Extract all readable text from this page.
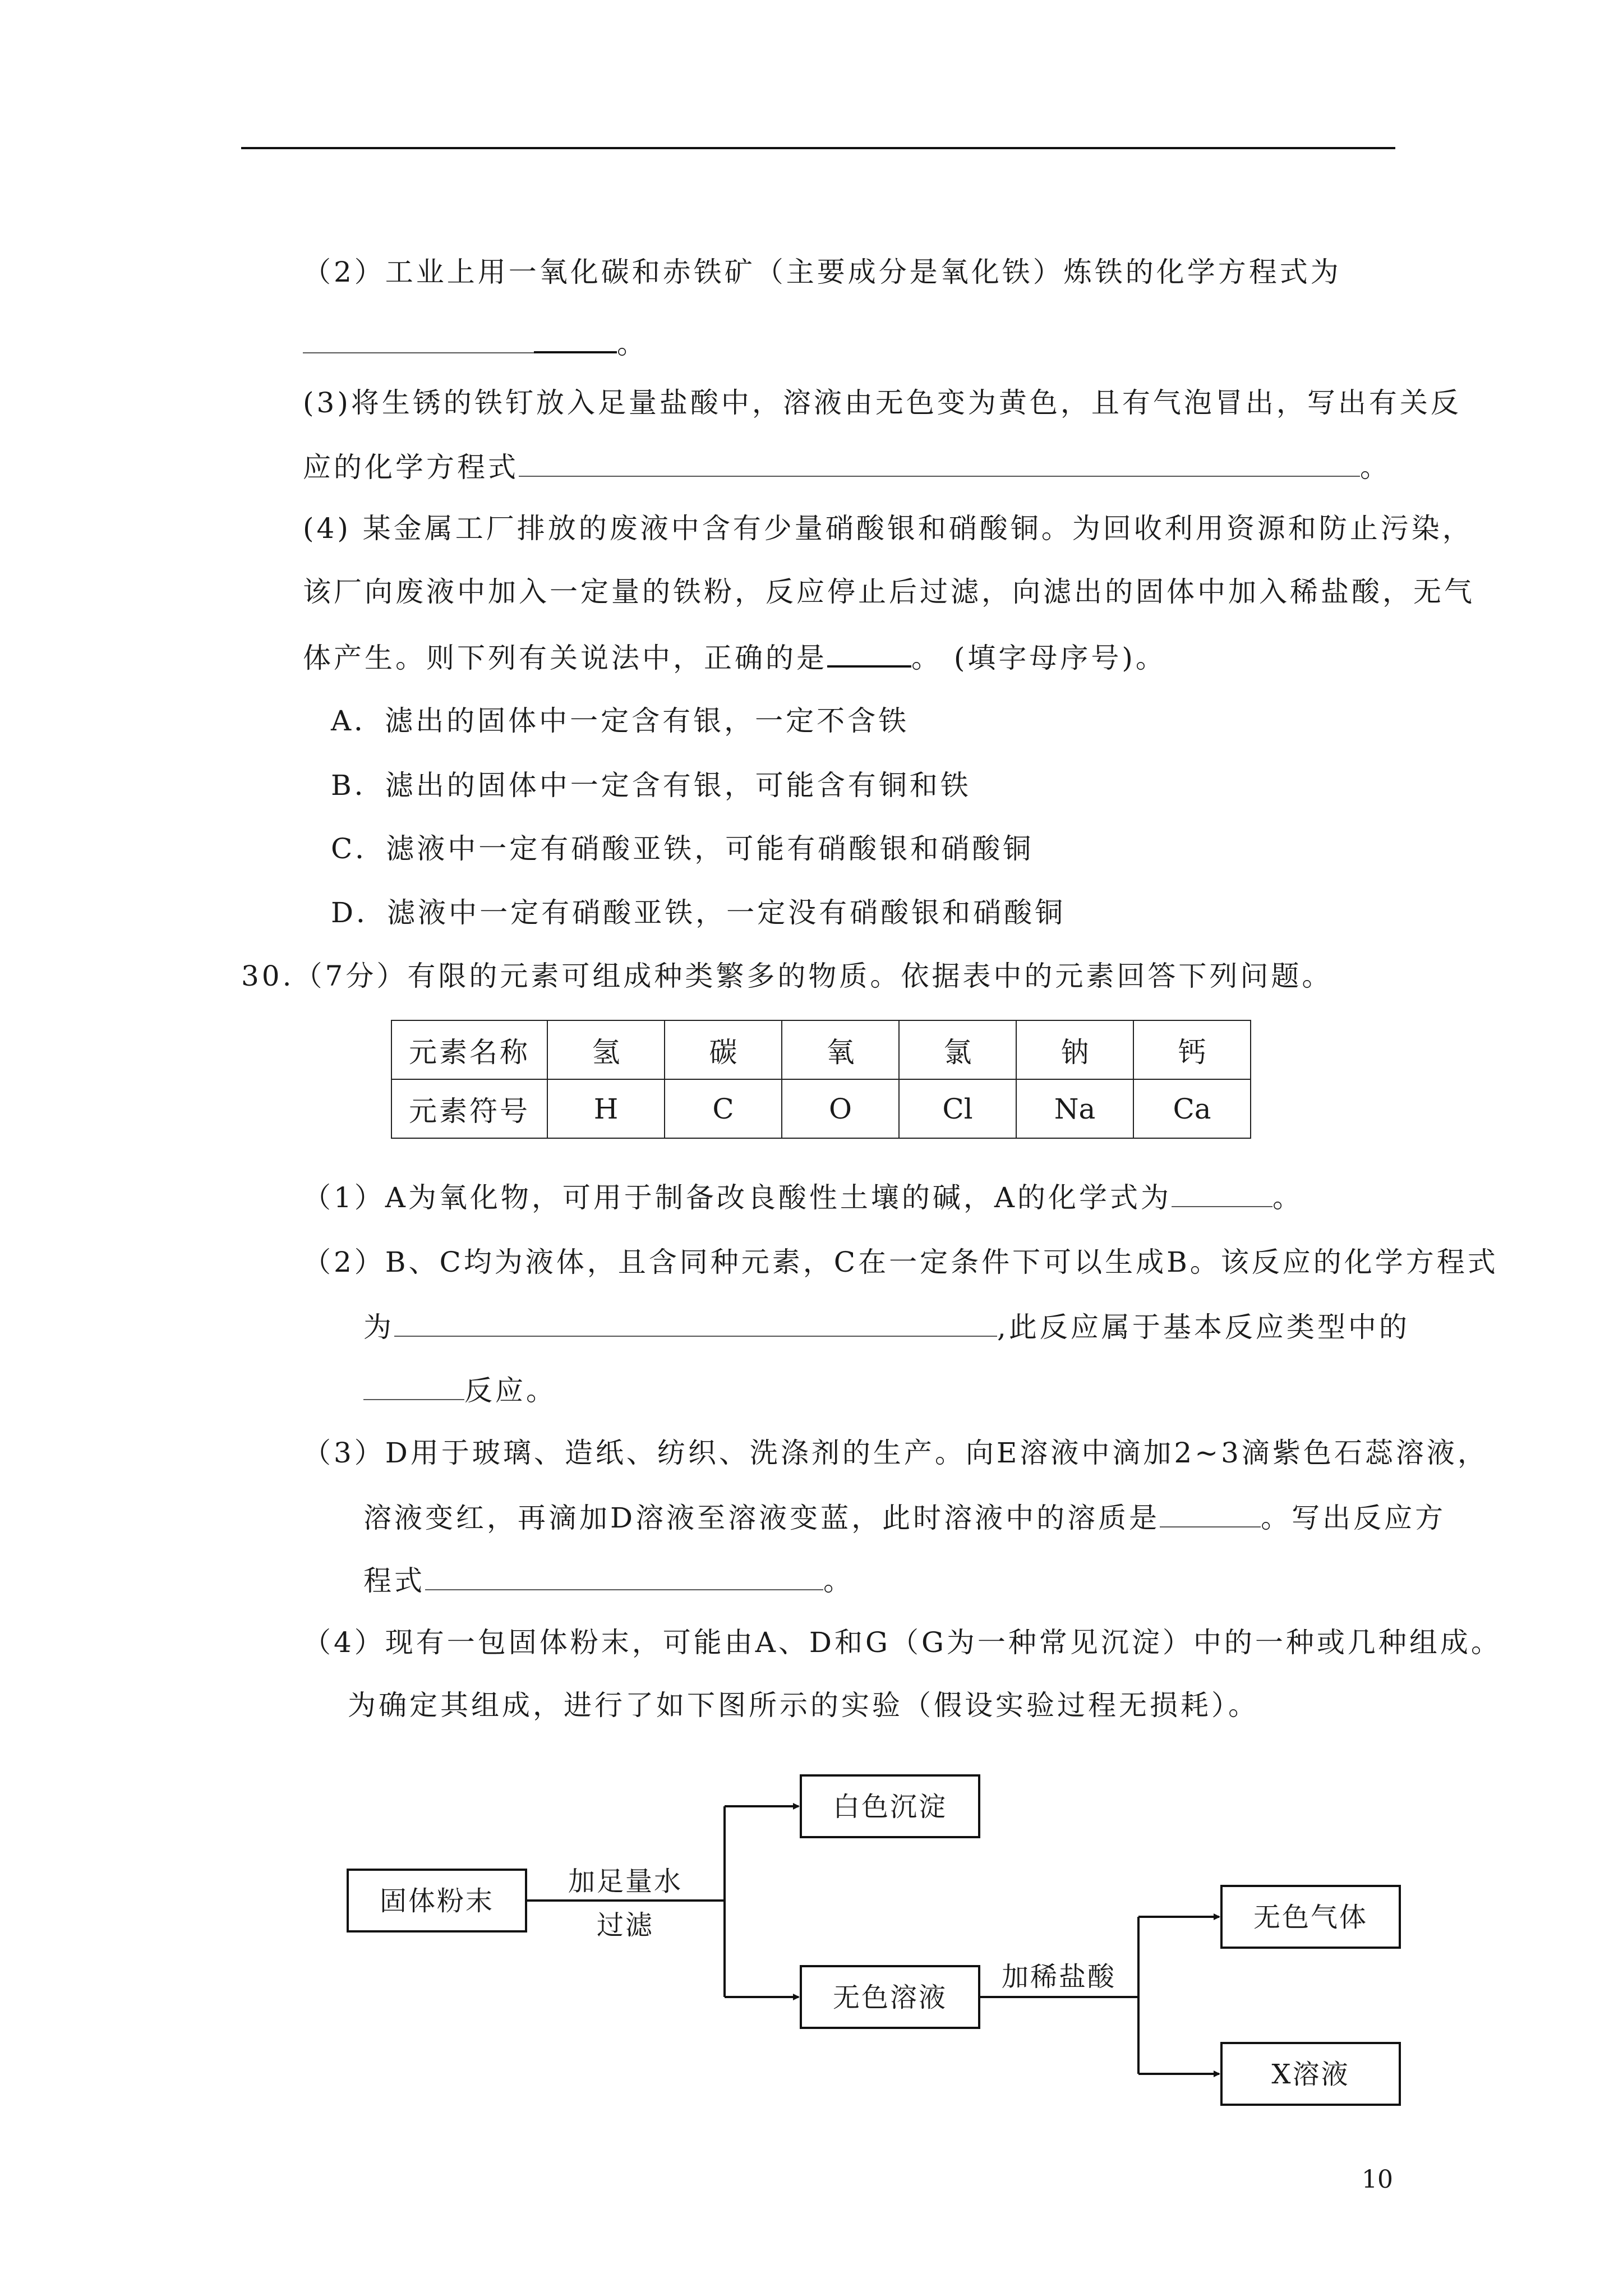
（2）工业上用一氧化碳和赤铁矿（主要成分是氧化铁）炼铁的化学方程式为
。
(3)将生锈的铁钉放入足量盐酸中，溶液由无色变为黄色，且有气泡冒出，写出有关反
应的化学方程式	。
(4) 某金属工厂排放的废液中含有少量硝酸银和硝酸铜。为回收利用资源和防止污染，
该厂向废液中加入一定量的铁粉，反应停止后过滤，向滤出的固体中加入稀盐酸，无气
体产生。则下列有关说法中，正确的是	。 (填字母序号)。
A．滤出的固体中一定含有银，一定不含铁
B．滤出的固体中一定含有银，可能含有铜和铁
C．滤液中一定有硝酸亚铁，可能有硝酸银和硝酸铜
D．滤液中一定有硝酸亚铁，一定没有硝酸银和硝酸铜
30.（7分）有限的元素可组成种类繁多的物质。依据表中的元素回答下列问题。
元素名称	氢	碳	氧	氯	钠	钙
元素符号	H	C	O	Cl	Na	Ca
（1）A为氧化物，可用于制备改良酸性土壤的碱，A的化学式为	。
（2）B、C均为液体，且含同种元素，C在一定条件下可以生成B。该反应的化学方程式
为	,此反应属于基本反应类型中的
反应。
（3）D用于玻璃、造纸、纺织、洗涤剂的生产。向E溶液中滴加2~3滴紫色石蕊溶液，
溶液变红，再滴加D溶液至溶液变蓝，此时溶液中的溶质是	。写出反应方
程式	。
（4）现有一包固体粉末，可能由A、D和G（G为一种常见沉淀）中的一种或几种组成。
为确定其组成，进行了如下图所示的实验（假设实验过程无损耗）。
固体粉末
白色沉淀
无色溶液
无色气体
X溶液
加足量水
过滤
加稀盐酸
10
